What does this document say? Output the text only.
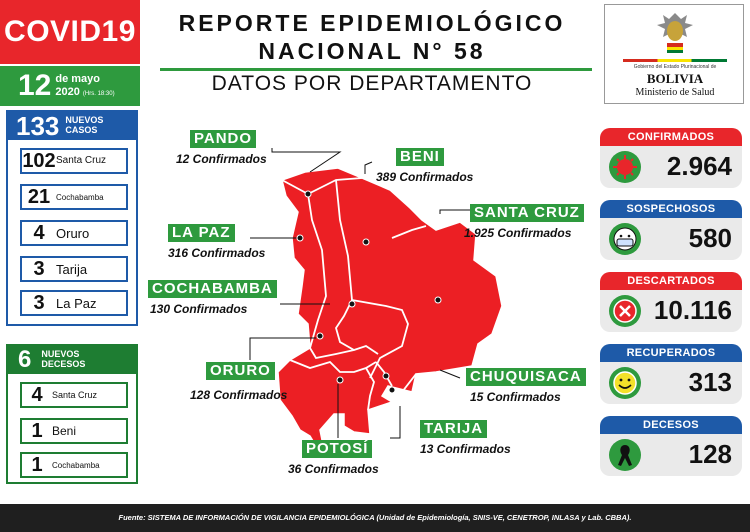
COVID19
12 de mayo
2020 (Hrs. 18:30)
REPORTE EPIDEMIOLÓGICO
NACIONAL N° 58
DATOS POR DEPARTAMENTO
Gobierno del Estado Plurinacional de
BOLIVIA
Ministerio de Salud
133 NUEVOS
CASOS
102 Santa Cruz
21 Cochabamba
4 Oruro
3 Tarija
3 La Paz
6 NUEVOS
DECESOS
4	Santa Cruz
1 Beni
1	Cochabamba
PANDO
12 Confirmados	BENI
389 Confirmados
LA PAZ
316 Confirmados
SANTA CRUZ
1.925 Confirmados
COCHABAMBA
130 Confirmados
ORURO
128 Confirmados
CHUQUISACA
15 Confirmados
TARIJA
13 Confirmados
POTOSÍ
36 Confirmados
CONFIRMADOS
2.964
SOSPECHOSOS
580
DESCARTADOS
10.116
RECUPERADOS
313
DECESOS
128
Fuente: SISTEMA DE INFORMACIÓN DE VIGILANCIA EPIDEMIOLÓGICA (Unidad de Epidemiología, SNIS-VE, CENETROP, INLASA y Lab. CBBA).
